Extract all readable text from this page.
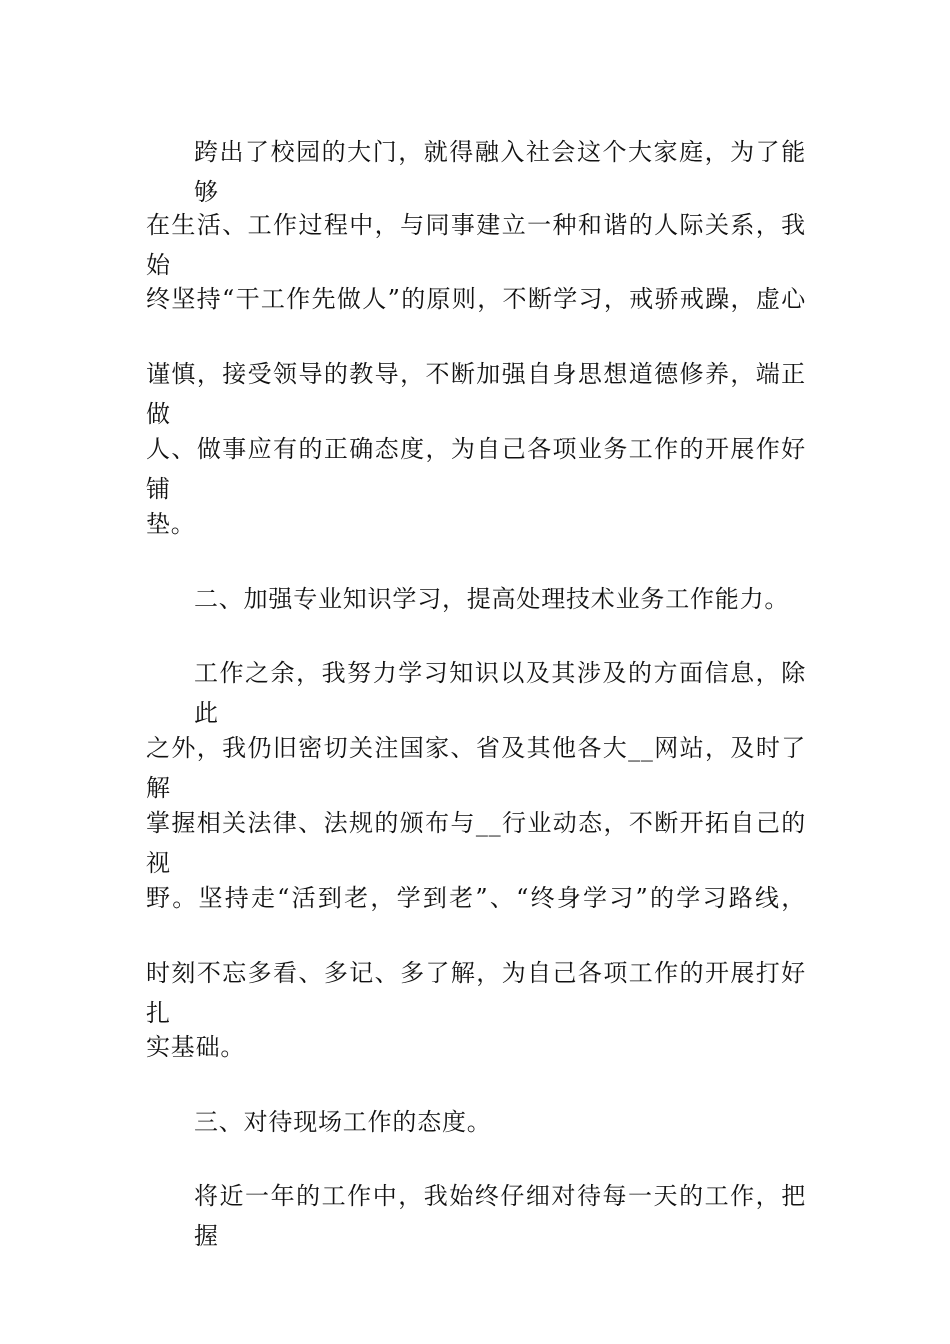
跨出了校园的大门，就得融入社会这个大家庭，为了能够
在生活、工作过程中，与同事建立一种和谐的人际关系，我始
终坚持“干工作先做人”的原则，不断学习，戒骄戒躁，虚心
谨慎，接受领导的教导，不断加强自身思想道德修养，端正做
人、做事应有的正确态度，为自己各项业务工作的开展作好铺
垫。
二、加强专业知识学习，提高处理技术业务工作能力。
工作之余，我努力学习知识以及其涉及的方面信息，除此
之外，我仍旧密切关注国家、省及其他各大__网站，及时了解
掌握相关法律、法规的颁布与__行业动态，不断开拓自己的视
野。坚持走“活到老，学到老”、“终身学习”的学习路线，
时刻不忘多看、多记、多了解，为自己各项工作的开展打好扎
实基础。
三、对待现场工作的态度。
将近一年的工作中，我始终仔细对待每一天的工作，把握
